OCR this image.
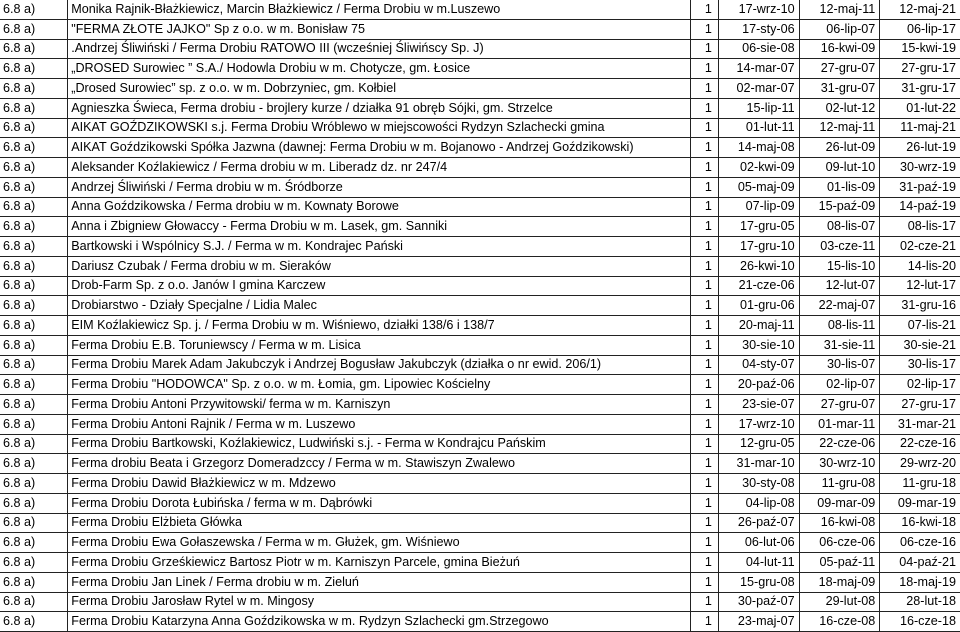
6.8 a)	Monika Rajnik-Błażkiewicz, Marcin Błażkiewicz / Ferma Drobiu w m.Luszewo	1	17-wrz-10	12-maj-11	12-maj-21
6.8 a)	"FERMA ZŁOTE JAJKO" Sp z o.o. w m. Bonisław 75	1	17-sty-06	06-lip-07	06-lip-17
6.8 a)	.Andrzej Śliwiński / Ferma Drobiu RATOWO III (wcześniej Śliwińscy Sp. J)	1	06-sie-08	16-kwi-09	15-kwi-19
6.8 a)	„DROSED Surowiec ” S.A./ Hodowla Drobiu w m. Chotycze, gm. Łosice	1	14-mar-07	27-gru-07	27-gru-17
6.8 a)	„Drosed Surowiec” sp. z o.o. w m. Dobrzyniec, gm. Kołbiel	1	02-mar-07	31-gru-07	31-gru-17
6.8 a)	Agnieszka Świeca, Ferma drobiu - brojlery kurze / działka 91 obręb Sójki, gm. Strzelce	1	15-lip-11	02-lut-12	01-lut-22
6.8 a)	AIKAT GOŹDZIKOWSKI s.j. Ferma Drobiu Wróblewo w miejscowości Rydzyn Szlachecki gmina	1	01-lut-11	12-maj-11	11-maj-21
6.8 a)	AIKAT Goździkowski Spółka Jazwna (dawnej: Ferma Drobiu w m. Bojanowo - Andrzej Goździkowski)	1	14-maj-08	26-lut-09	26-lut-19
6.8 a)	Aleksander Koźlakiewicz / Ferma drobiu w m. Liberadz dz. nr 247/4	1	02-kwi-09	09-lut-10	30-wrz-19
6.8 a)	Andrzej Śliwiński / Ferma drobiu w m. Śródborze	1	05-maj-09	01-lis-09	31-paź-19
6.8 a)	Anna Goździkowska / Ferma drobiu w m. Kownaty Borowe	1	07-lip-09	15-paź-09	14-paź-19
6.8 a)	Anna i Zbigniew Głowaccy - Ferma Drobiu w m. Lasek, gm. Sanniki	1	17-gru-05	08-lis-07	08-lis-17
6.8 a)	Bartkowski i Wspólnicy S.J. / Ferma w m. Kondrajec Pański	1	17-gru-10	03-cze-11	02-cze-21
6.8 a)	Dariusz Czubak / Ferma drobiu w m. Sieraków	1	26-kwi-10	15-lis-10	14-lis-20
6.8 a)	Drob-Farm Sp. z o.o. Janów I gmina Karczew	1	21-cze-06	12-lut-07	12-lut-17
6.8 a)	Drobiarstwo - Działy Specjalne / Lidia Malec	1	01-gru-06	22-maj-07	31-gru-16
6.8 a)	EIM Koźlakiewicz Sp. j. / Ferma Drobiu w m. Wiśniewo, działki 138/6 i 138/7	1	20-maj-11	08-lis-11	07-lis-21
6.8 a)	Ferma Drobiu E.B. Toruniewscy / Ferma w m. Lisica	1	30-sie-10	31-sie-11	30-sie-21
6.8 a)	Ferma Drobiu Marek Adam Jakubczyk i Andrzej Bogusław Jakubczyk (działka o nr ewid. 206/1)	1	04-sty-07	30-lis-07	30-lis-17
6.8 a)	Ferma Drobiu "HODOWCA" Sp. z o.o. w m. Łomia, gm. Lipowiec Kościelny	1	20-paź-06	02-lip-07	02-lip-17
6.8 a)	Ferma Drobiu Antoni Przywitowski/ ferma w m. Karniszyn	1	23-sie-07	27-gru-07	27-gru-17
6.8 a)	Ferma Drobiu Antoni Rajnik / Ferma w m. Luszewo	1	17-wrz-10	01-mar-11	31-mar-21
6.8 a)	Ferma Drobiu Bartkowski, Koźlakiewicz, Ludwiński s.j. - Ferma w Kondrajcu Pańskim	1	12-gru-05	22-cze-06	22-cze-16
6.8 a)	Ferma drobiu Beata i Grzegorz Domeradzccy / Ferma w m. Stawiszyn Zwalewo	1	31-mar-10	30-wrz-10	29-wrz-20
6.8 a)	Ferma Drobiu Dawid Błażkiewicz w m. Mdzewo	1	30-sty-08	11-gru-08	11-gru-18
6.8 a)	Ferma Drobiu Dorota Łubińska / ferma w m. Dąbrówki	1	04-lip-08	09-mar-09	09-mar-19
6.8 a)	Ferma Drobiu Elżbieta Główka	1	26-paź-07	16-kwi-08	16-kwi-18
6.8 a)	Ferma Drobiu Ewa Gołaszewska / Ferma w m. Głużek, gm. Wiśniewo	1	06-lut-06	06-cze-06	06-cze-16
6.8 a)	Ferma Drobiu Grześkiewicz Bartosz Piotr w m. Karniszyn Parcele, gmina Bieżuń	1	04-lut-11	05-paź-11	04-paź-21
6.8 a)	Ferma Drobiu Jan Linek / Ferma drobiu w m. Zieluń	1	15-gru-08	18-maj-09	18-maj-19
6.8 a)	Ferma Drobiu Jarosław Rytel w m. Mingosy	1	30-paź-07	29-lut-08	28-lut-18
6.8 a)	Ferma Drobiu Katarzyna Anna Goździkowska w m. Rydzyn Szlachecki gm.Strzegowo	1	23-maj-07	16-cze-08	16-cze-18
